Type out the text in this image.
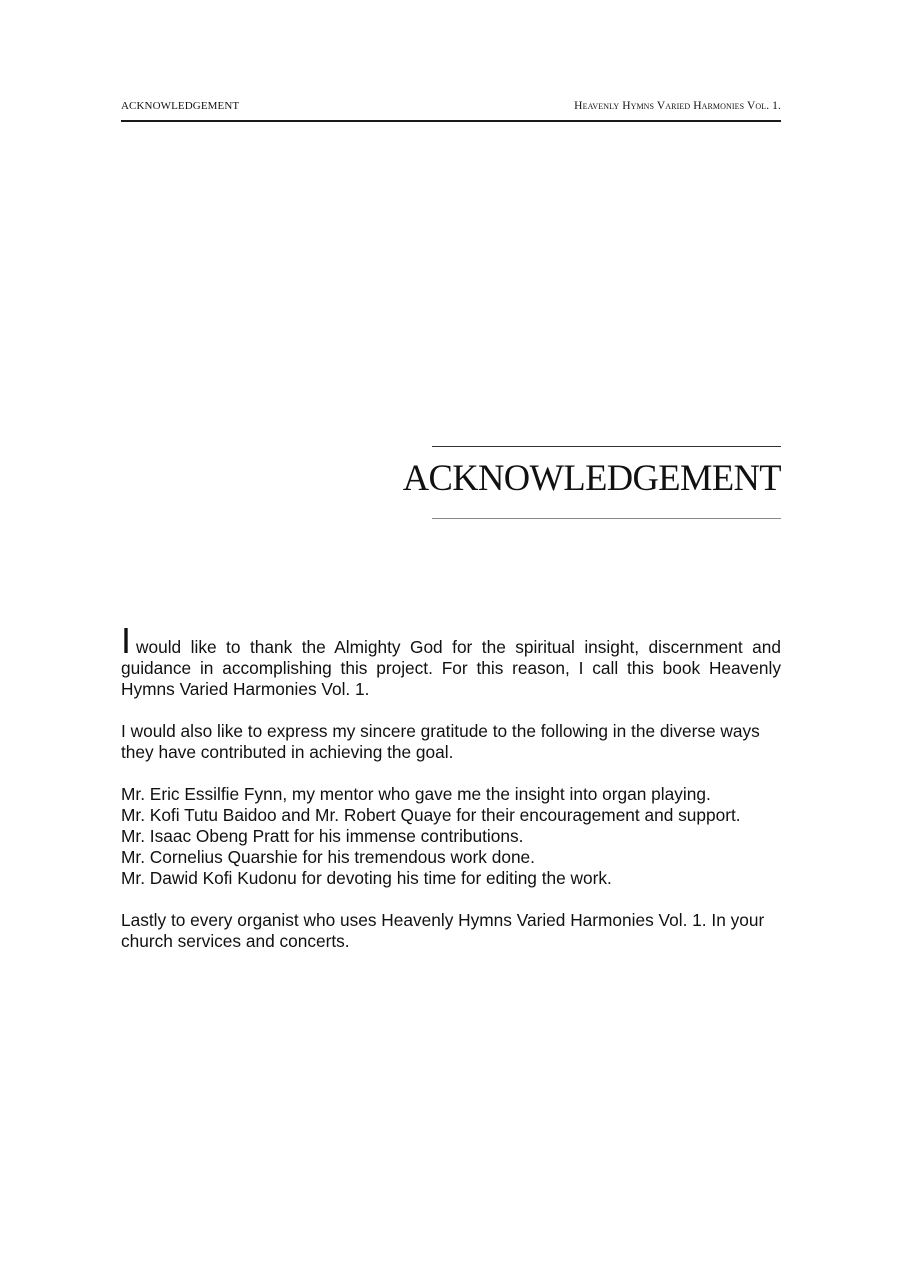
ACKNOWLEDGEMENT	Heavenly Hymns Varied Harmonies Vol. 1.
ACKNOWLEDGEMENT

Iwould like to thank the Almighty God for the spiritual insight, discernment and guidance in accomplishing this project. For this reason, I call this book Heavenly Hymns Varied Harmonies Vol. 1.

I would also like to express my sincere gratitude to the following in the diverse ways they have contributed in achieving the goal.

Mr. Eric Essilfie Fynn, my mentor who gave me the insight into organ playing.
Mr. Kofi Tutu Baidoo and Mr. Robert Quaye for their encouragement and support.
Mr. Isaac Obeng Pratt for his immense contributions.
Mr. Cornelius Quarshie for his tremendous work done.
Mr. Dawid Kofi Kudonu for devoting his time for editing the work.

Lastly to every organist who uses Heavenly Hymns Varied Harmonies Vol. 1. In your church services and concerts.
